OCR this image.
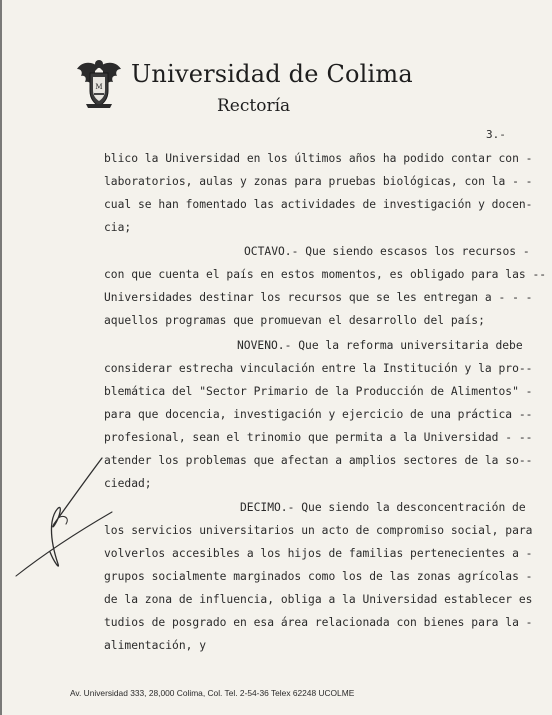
M Universidad de Colima
Rectoría
3.-
blico la Universidad en los últimos años ha podido contar con -
laboratorios, aulas y zonas para pruebas biológicas, con la - -
cual se han fomentado las actividades de investigación y docen-
cia;
OCTAVO.- Que siendo escasos los recursos -
con que cuenta el país en estos momentos, es obligado para las --
Universidades destinar los recursos que se les entregan a - - -
aquellos programas que promuevan el desarrollo del país;
NOVENO.- Que la reforma universitaria debe
considerar estrecha vinculación entre la Institución y la pro--
blemática del "Sector Primario de la Producción de Alimentos" -
para que docencia, investigación y ejercicio de una práctica --
profesional, sean el trinomio que permita a la Universidad - --
atender los problemas que afectan a amplios sectores de la so--
ciedad;
DECIMO.- Que siendo la desconcentración de
los servicios universitarios un acto de compromiso social, para
volverlos accesibles a los hijos de familias pertenecientes a -
grupos socialmente marginados como los de las zonas agrícolas -
de la zona de influencia, obliga a la Universidad establecer es
tudios de posgrado en esa área relacionada con bienes para la -
alimentación, y
Av. Universidad 333, 28,000 Colima, Col. Tel. 2-54-36 Telex 62248 UCOLME
